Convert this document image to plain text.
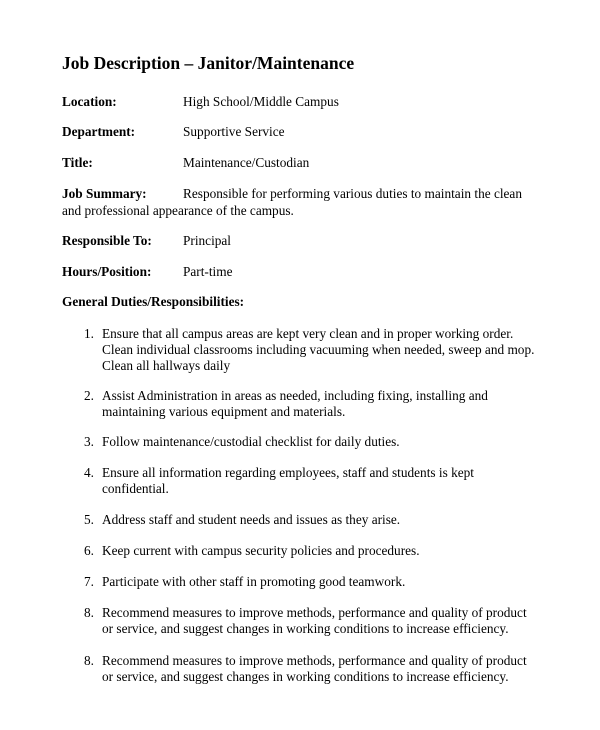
Job Description – Janitor/Maintenance
Location:	High School/Middle Campus
Department:	Supportive Service
Title:	Maintenance/Custodian
Job Summary:	Responsible for performing various duties to maintain the clean
and professional appearance of the campus.
Responsible To: Principal
Hours/Position: Part-time
General Duties/Responsibilities:
1. Ensure that all campus areas are kept very clean and in proper working order.
Clean individual classrooms including vacuuming when needed, sweep and mop.
Clean all hallways daily
2. Assist Administration in areas as needed, including fixing, installing and
maintaining various equipment and materials.
3. Follow maintenance/custodial checklist for daily duties.
4. Ensure all information regarding employees, staff and students is kept
confidential.
5. Address staff and student needs and issues as they arise.
6. Keep current with campus security policies and procedures.
7. Participate with other staff in promoting good teamwork.
8. Recommend measures to improve methods, performance and quality of product
or service, and suggest changes in working conditions to increase efficiency.
8. Recommend measures to improve methods, performance and quality of product
or service, and suggest changes in working conditions to increase efficiency.
